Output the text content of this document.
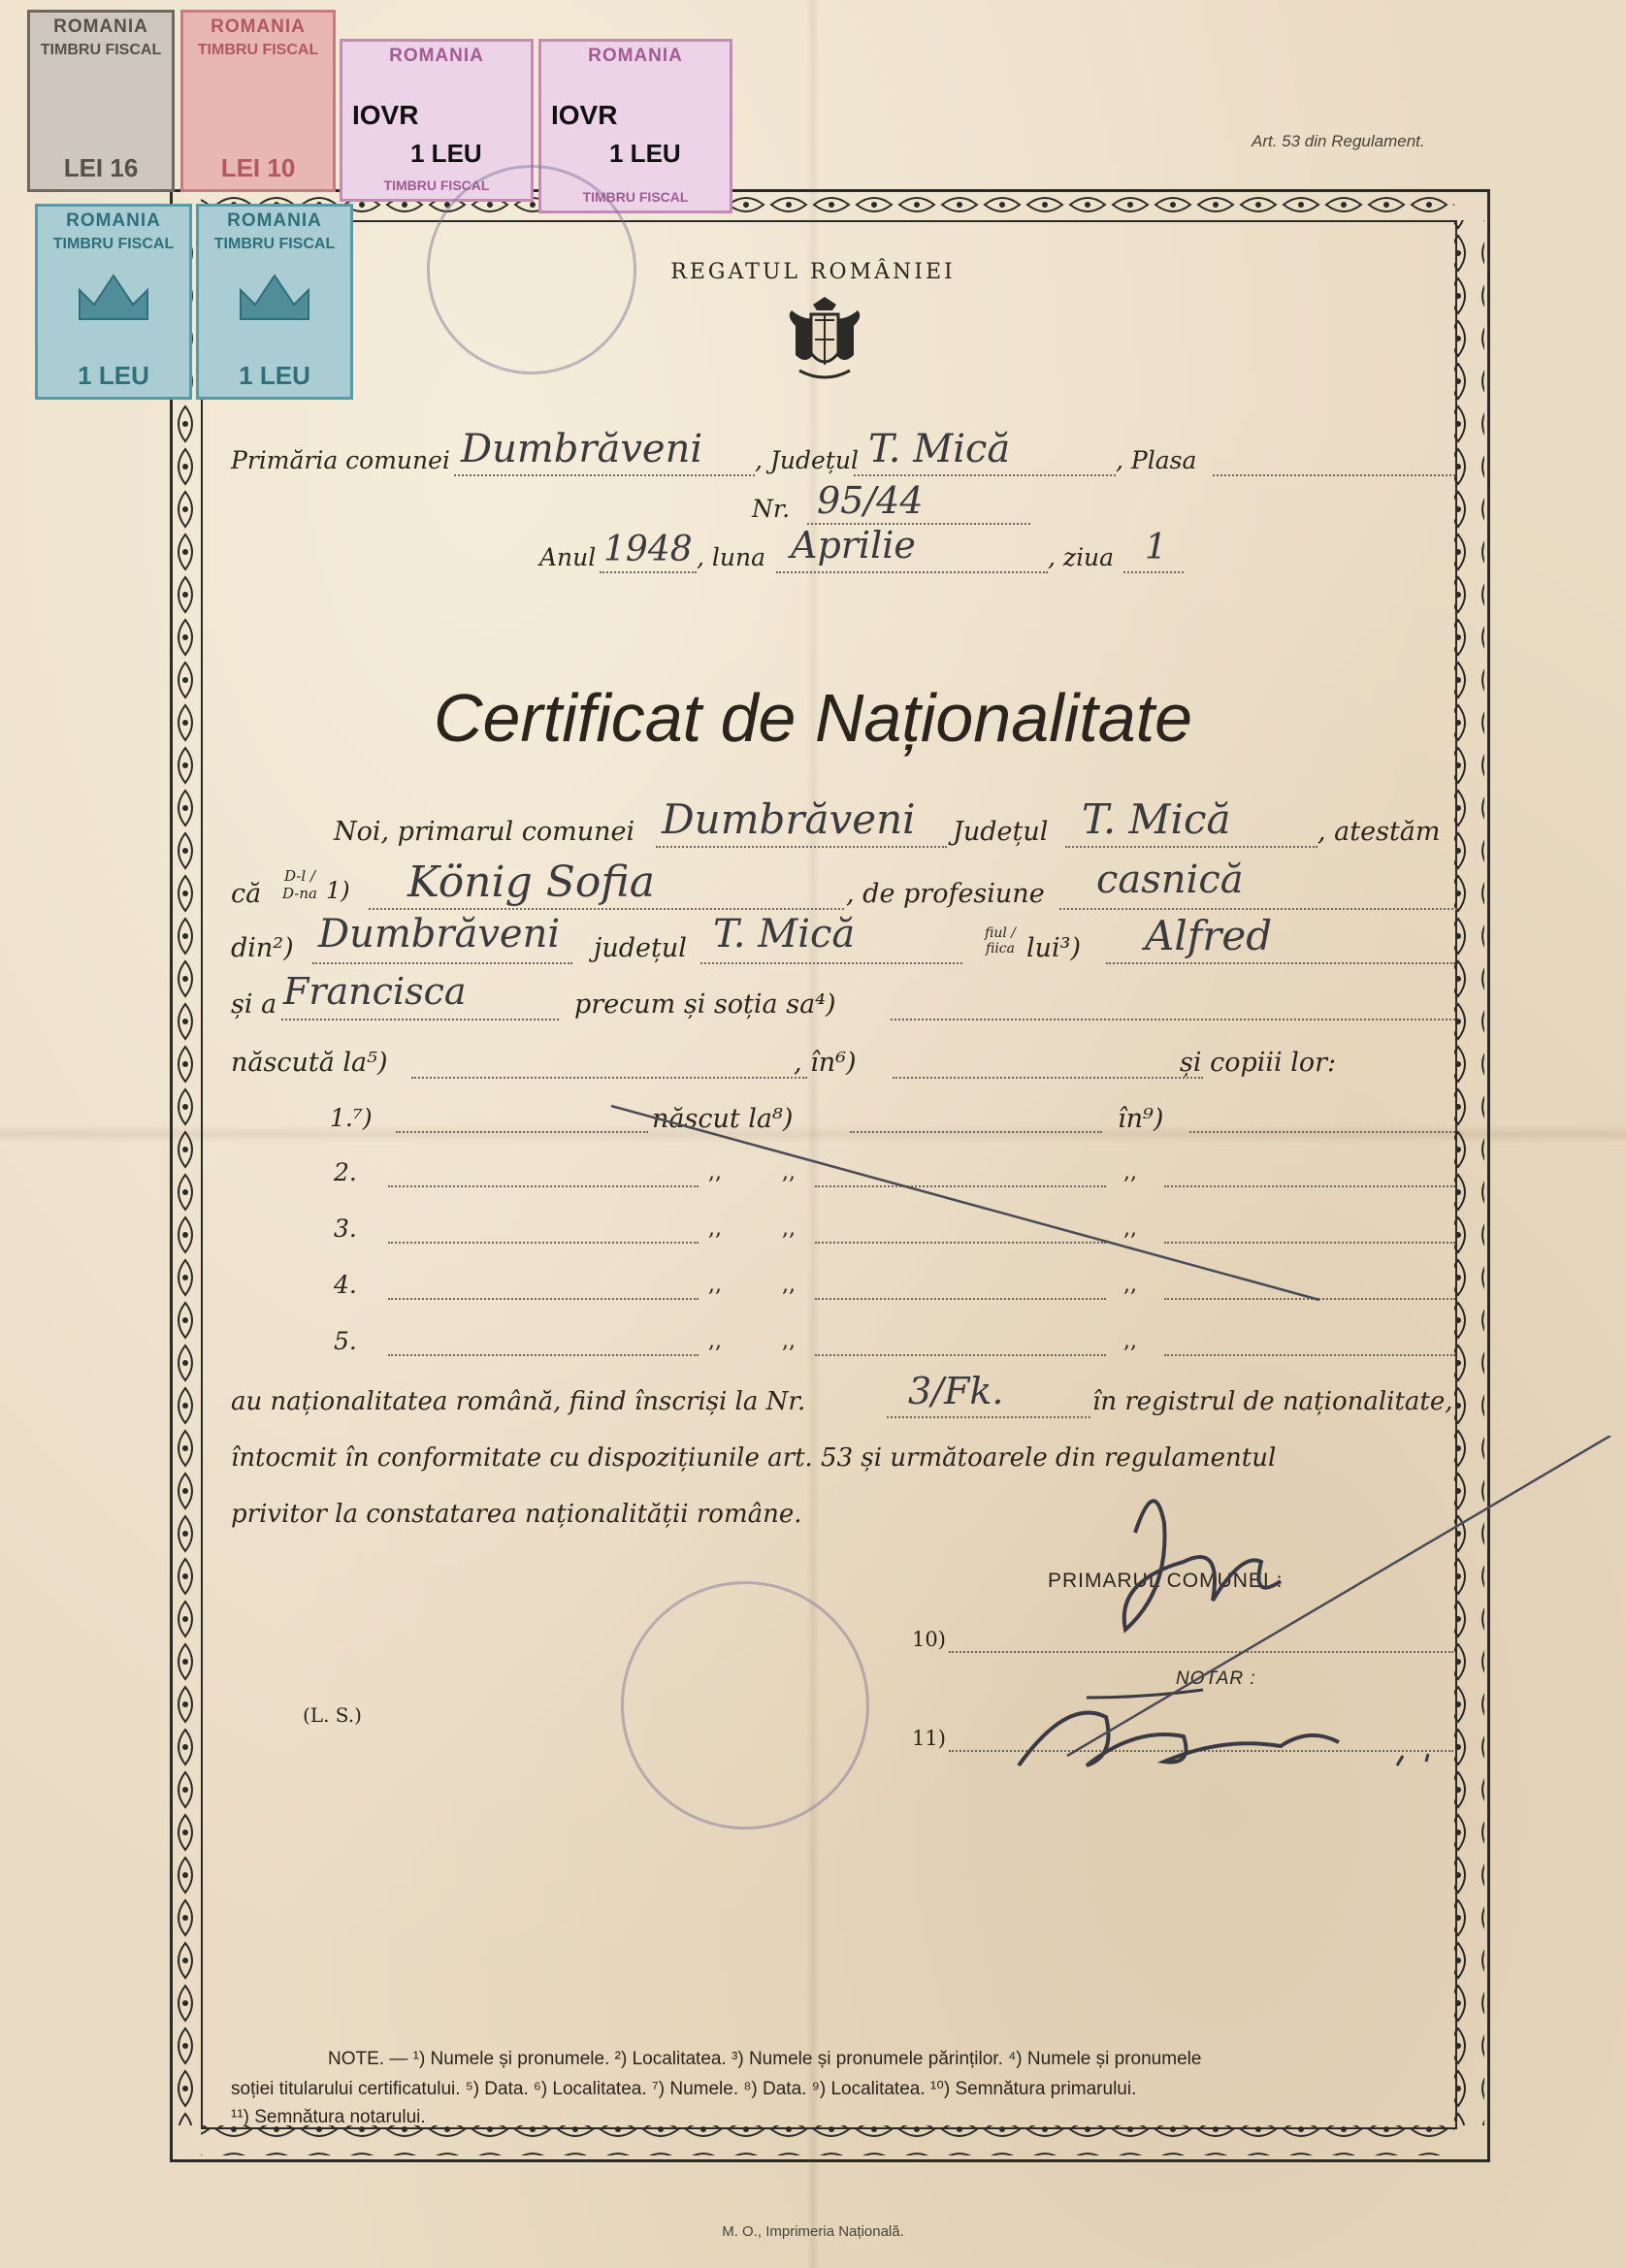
ROMANIA
TIMBRU FISCAL
LEI 16
ROMANIA
TIMBRU FISCAL
LEI 10
ROMANIA
IOVR
1 LEU
TIMBRU FISCAL
ROMANIA
IOVR
1 LEU
TIMBRU FISCAL
ROMANIA
TIMBRU FISCAL
1 LEU
ROMANIA
TIMBRU FISCAL
1 LEU
Art. 53 din Regulament.
REGATUL ROMÂNIEI
Primăria comunei Dumbrăveni , Județul T. Mică	, Plasa
Nr. 95/44
Anul 1948 , luna Aprilie	, ziua 1
Certificat de Naționalitate
Noi, primarul comunei Dumbrăveni Județul T. Mică	, atestăm
că
D-l / D-na 1) König Sofia	, de profesiune casnică
din²) Dumbrăveni județul T. Mică	fiul / fiica lui³) Alfred
și a Francisca	precum și soția sa⁴)
născută la⁵)	, în⁶)	și copiii lor:
1.⁷)	născut la⁸)	în⁹)
2.	,,	,,	,,
3.	,,	,,	,,
4.	,,	,,	,,
5.	,,	,,	,,
au naționalitatea română, fiind înscriși la Nr.	3/Fk.	în registrul de naționalitate,
întocmit în conformitate cu dispozițiunile art. 53 și următoarele din regulamentul
privitor la constatarea naționalității române.
PRIMARUL COMUNEI :
10)
NOTAR :
11)
(L. S.)
NOTE. — ¹) Numele și pronumele. ²) Localitatea. ³) Numele și pronumele părinților. ⁴) Numele și pronumele
soției titularului certificatului. ⁵) Data. ⁶) Localitatea. ⁷) Numele. ⁸) Data. ⁹) Localitatea. ¹⁰) Semnătura primarului.
¹¹) Semnătura notarului.
M. O., Imprimeria Națională.
